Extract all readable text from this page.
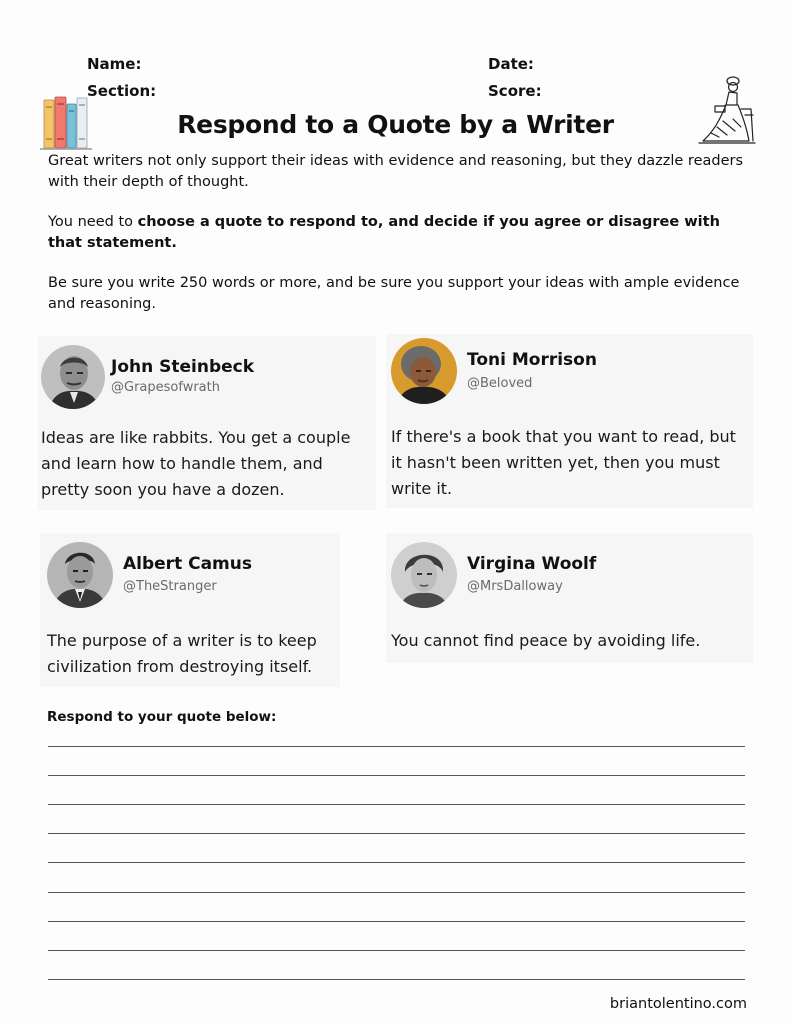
Name:
Section:
Date:
Score:
Respond to a Quote by a Writer
Great writers not only support their ideas with evidence and reasoning, but they dazzle readers with their depth of thought.
You need to choose a quote to respond to, and decide if you agree or disagree with that statement.
Be sure you write 250 words or more, and be sure you support your ideas with ample evidence and reasoning.
John Steinbeck
@Grapesofwrath
Ideas are like rabbits. You get a couple and learn how to handle them, and pretty soon you have a dozen.
Toni Morrison
@Beloved
If there's a book that you want to read, but it hasn't been written yet, then you must write it.
Albert Camus
@TheStranger
The purpose of a writer is to keep civilization from destroying itself.
Virgina Woolf
@MrsDalloway
You cannot find peace by avoiding life.
Respond to your quote below:
briantolentino.com
